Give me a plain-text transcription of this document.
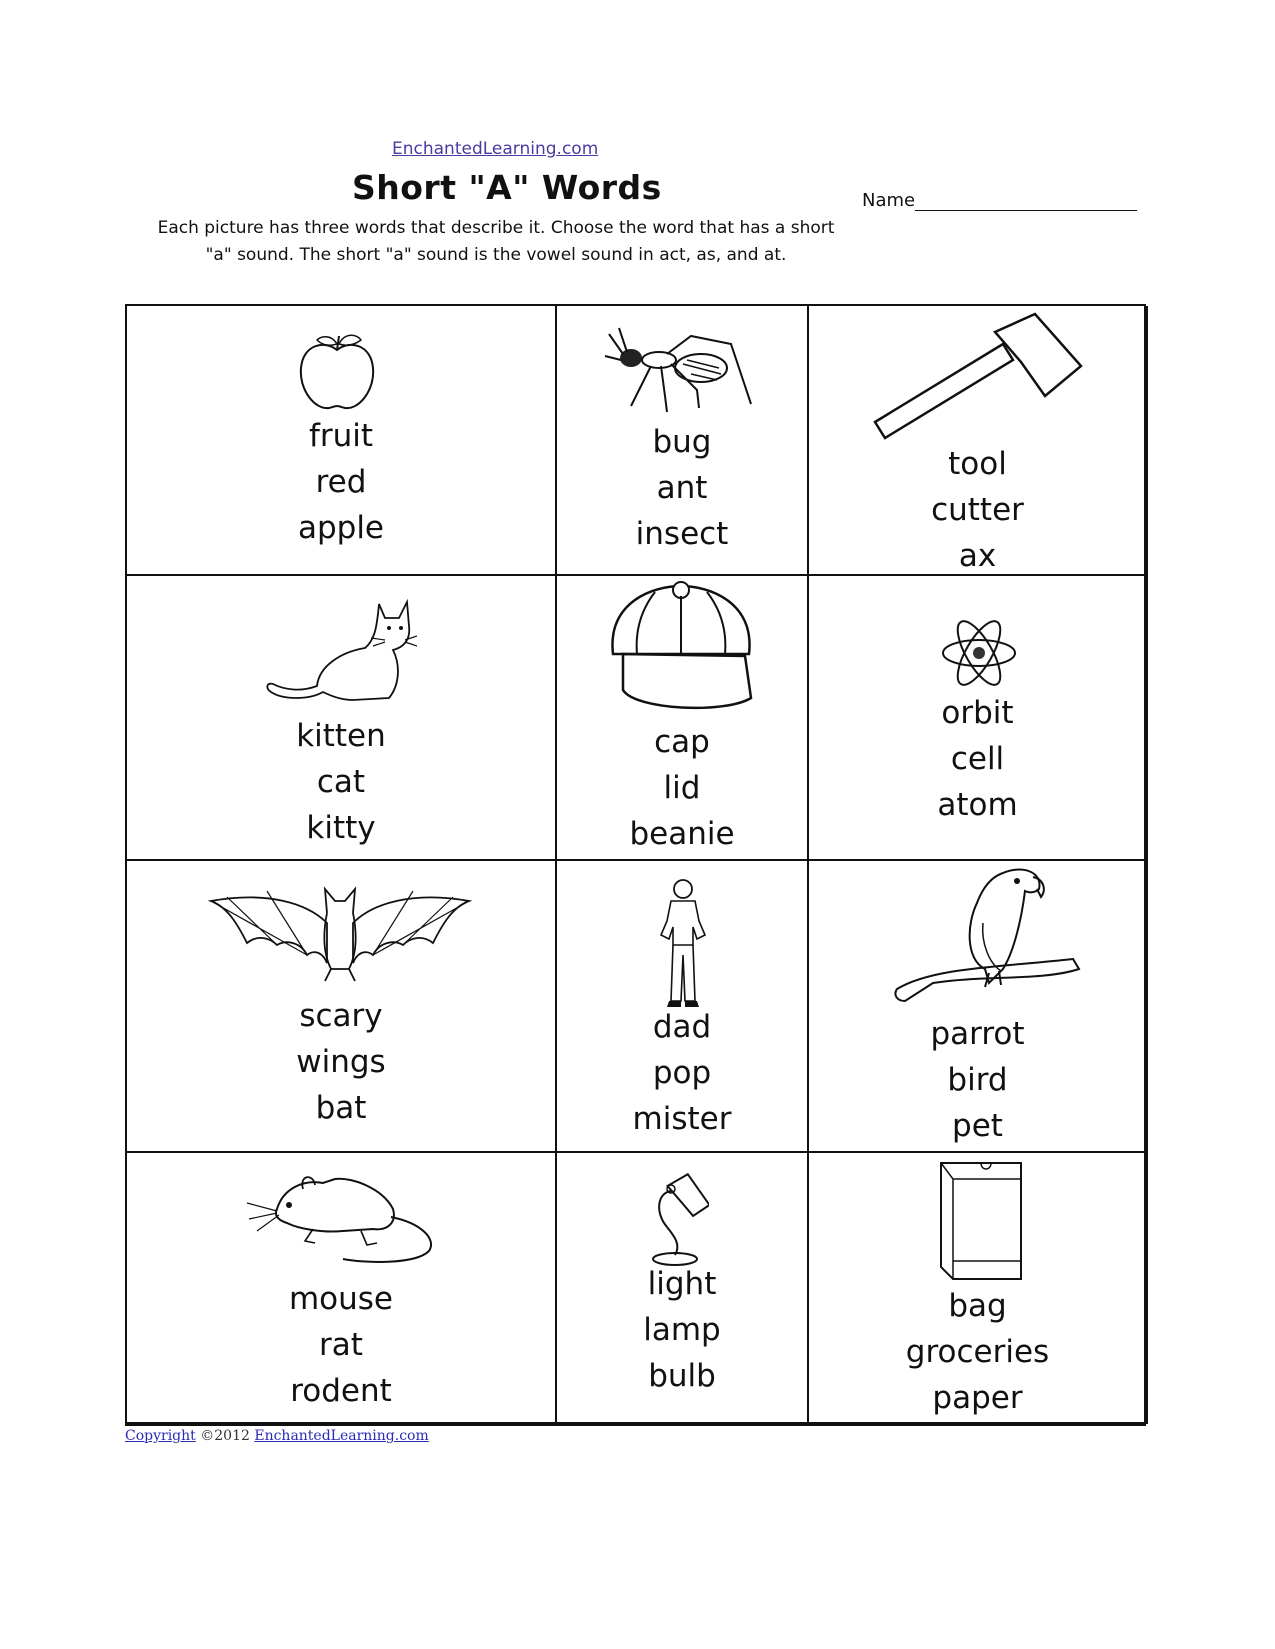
EnchantedLearning.com
Short "A" Words	Name
Each picture has three words that describe it. Choose the word that has a short
"a" sound. The short "a" sound is the vowel sound in act, as, and at.
fruit
red
apple
bug
ant
insect
tool
cutter
ax
kitten
cat
kitty
cap
lid
beanie
orbit
cell
atom
scary
wings
bat
dad
pop
mister
parrot
bird
pet
mouse
rat
rodent
light
lamp
bulb
bag
groceries
paper
Copyright ©2012 EnchantedLearning.com
